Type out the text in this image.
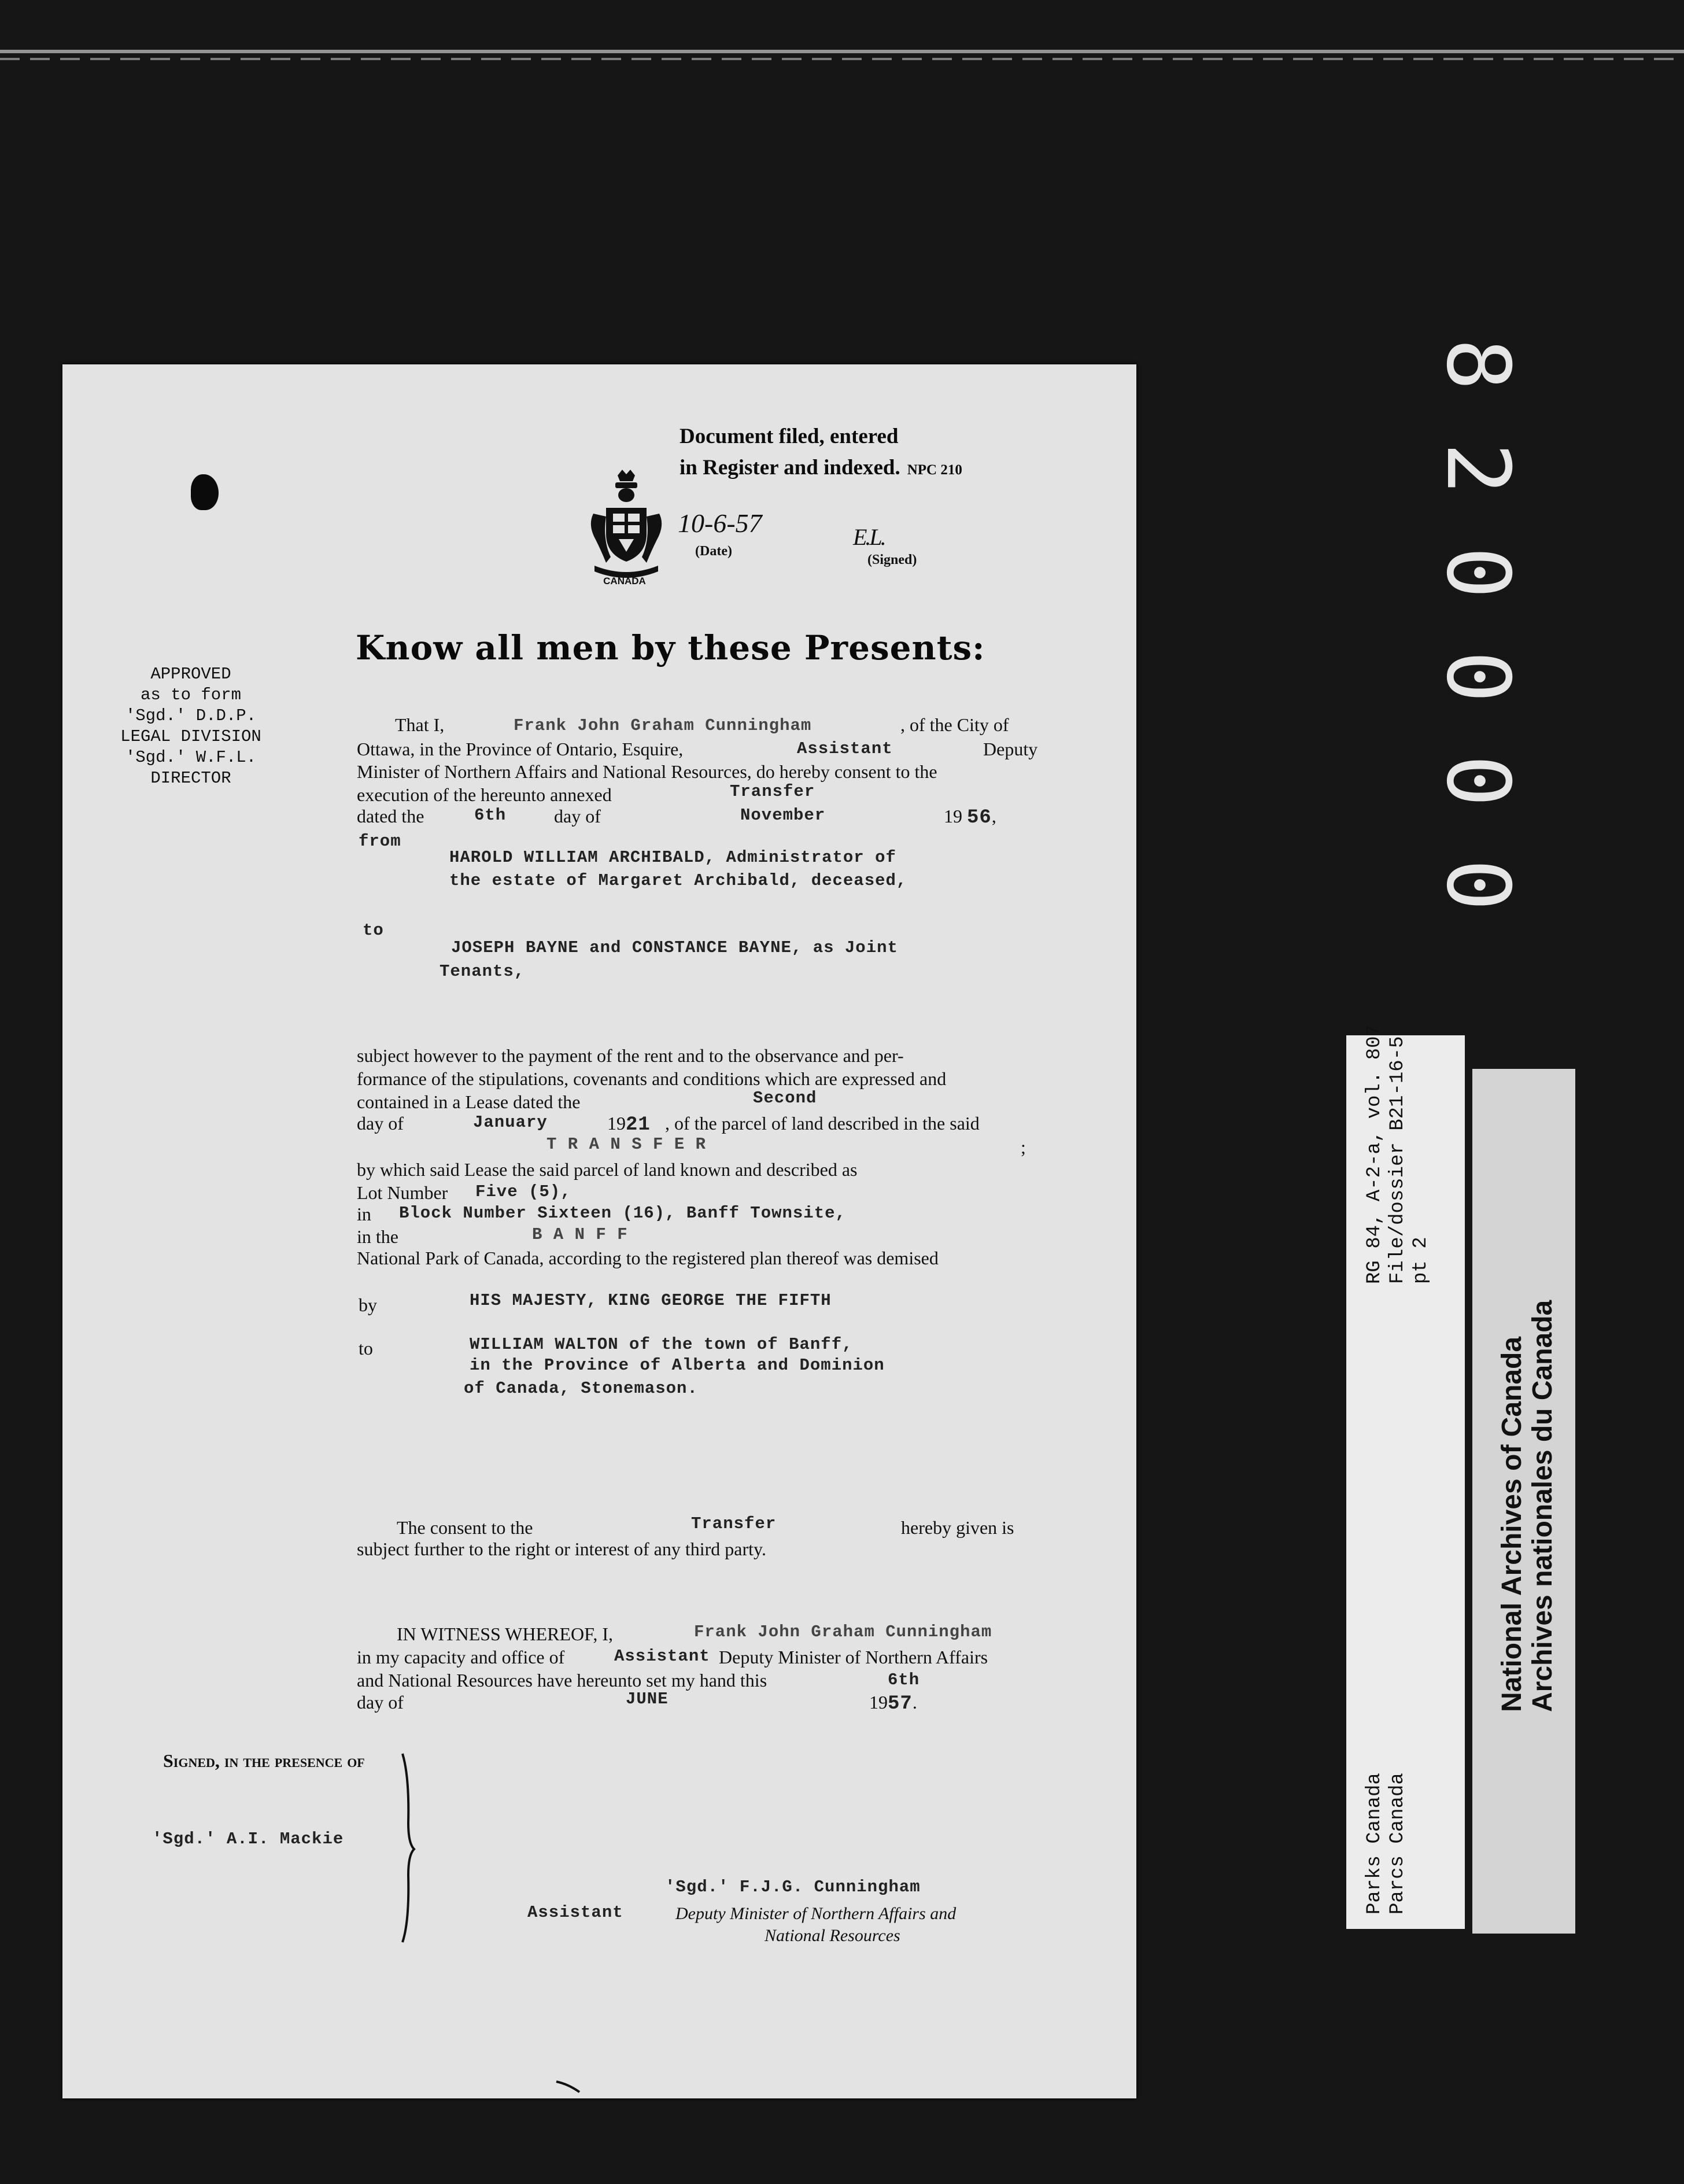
8
2
0
0
0
0
Document filed, entered
in Register and indexed. NPC 210
CANADA
10-6-57
(Date)
E.L.
(Signed)
Know all men by these Presents:
APPROVED
as to form
'Sgd.' D.D.P.
LEGAL DIVISION
'Sgd.' W.F.L.
DIRECTOR
That I,	Frank John Graham Cunningham	, of the City of
Ottawa, in the Province of Ontario, Esquire,	Assistant	Deputy
Minister of Northern Affairs and National Resources, do hereby consent to the
execution of the hereunto annexed	Transfer
dated the	6th	day of	November	19 56,
from
HAROLD WILLIAM ARCHIBALD, Administrator of
the estate of Margaret Archibald, deceased,
to
JOSEPH BAYNE and CONSTANCE BAYNE, as Joint
Tenants,
subject however to the payment of the rent and to the observance and per-
formance of the stipulations, covenants and conditions which are expressed and
contained in a Lease dated the	Second
day of	January	1921 , of the parcel of land described in the said
T R A N S F E R	;
by which said Lease the said parcel of land known and described as
Lot Number Five (5),
in Block Number Sixteen (16), Banff Townsite,
in the	B A N F F
National Park of Canada, according to the registered plan thereof was demised
by	HIS MAJESTY, KING GEORGE THE FIFTH
to	WILLIAM WALTON of the town of Banff,
in the Province of Alberta and Dominion
of Canada, Stonemason.
The consent to the	Transfer	hereby given is
subject further to the right or interest of any third party.
IN WITNESS WHEREOF, I,	Frank John Graham Cunningham
in my capacity and office of	Assistant Deputy Minister of Northern Affairs
and National Resources have hereunto set my hand this	6th
day of	JUNE	1957.
Signed, in the presence of
'Sgd.' A.I. Mackie
'Sgd.' F.J.G. Cunningham
Assistant	Deputy Minister of Northern Affairs and
National Resources
RG 84, A-2-a, vol. 807 File/dossier B21-16-5 pt 2
Parks Canada Parcs Canada
National Archives of Canada Archives nationales du Canada
